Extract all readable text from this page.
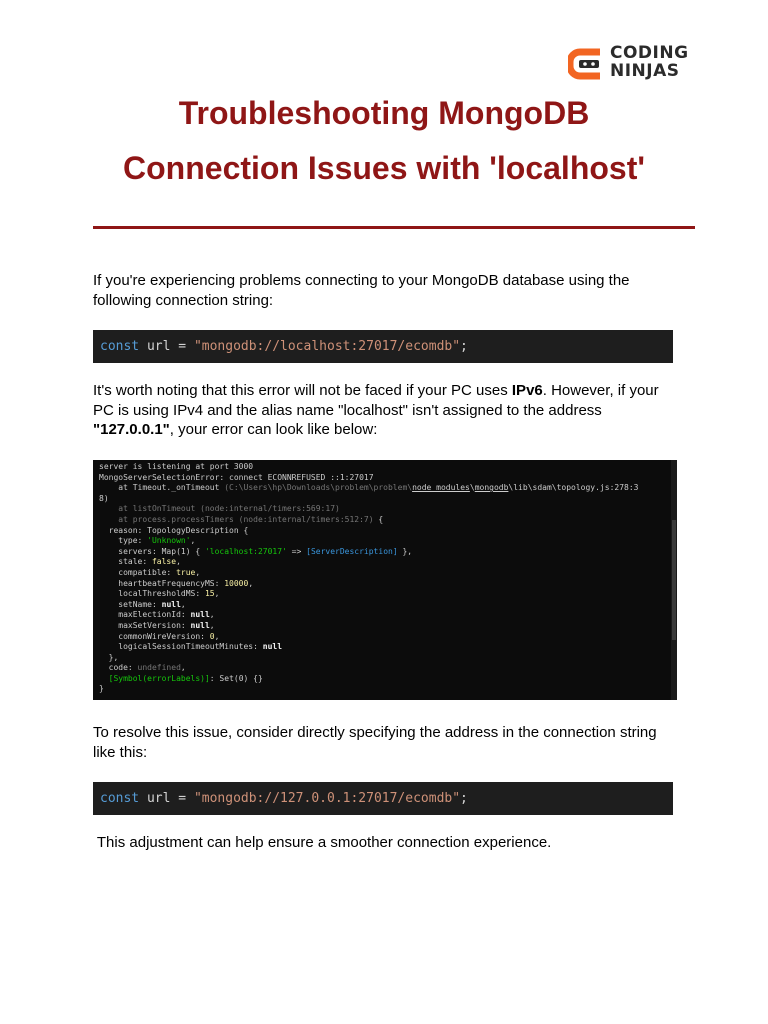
CODING
NINJAS
Troubleshooting MongoDB
Connection Issues with 'localhost'

If you're experiencing problems connecting to your MongoDB database using the following connection string:

const url = "mongodb://localhost:27017/ecomdb";

It's worth noting that this error will not be faced if your PC uses IPv6. However, if your PC is using IPv4 and the alias name "localhost" isn't assigned to the address "127.0.0.1", your error can look like below:

server is listening at port 3000
MongoServerSelectionError: connect ECONNREFUSED ::1:27017
at Timeout._onTimeout (C:\Users\hp\Downloads\problem\problem\node_modules\mongodb\lib\sdam\topology.js:278:3
8)
at listOnTimeout (node:internal/timers:569:17)
at process.processTimers (node:internal/timers:512:7) {
reason: TopologyDescription {
type: 'Unknown',
servers: Map(1) { 'localhost:27017' => [ServerDescription] },
stale: false,
compatible: true,
heartbeatFrequencyMS: 10000,
localThresholdMS: 15,
setName: null,
maxElectionId: null,
maxSetVersion: null,
commonWireVersion: 0,
logicalSessionTimeoutMinutes: null
},
code: undefined,
[Symbol(errorLabels)]: Set(0) {}
}

To resolve this issue, consider directly specifying the address in the connection string like this:

const url = "mongodb://127.0.0.1:27017/ecomdb";

This adjustment can help ensure a smoother connection experience.
